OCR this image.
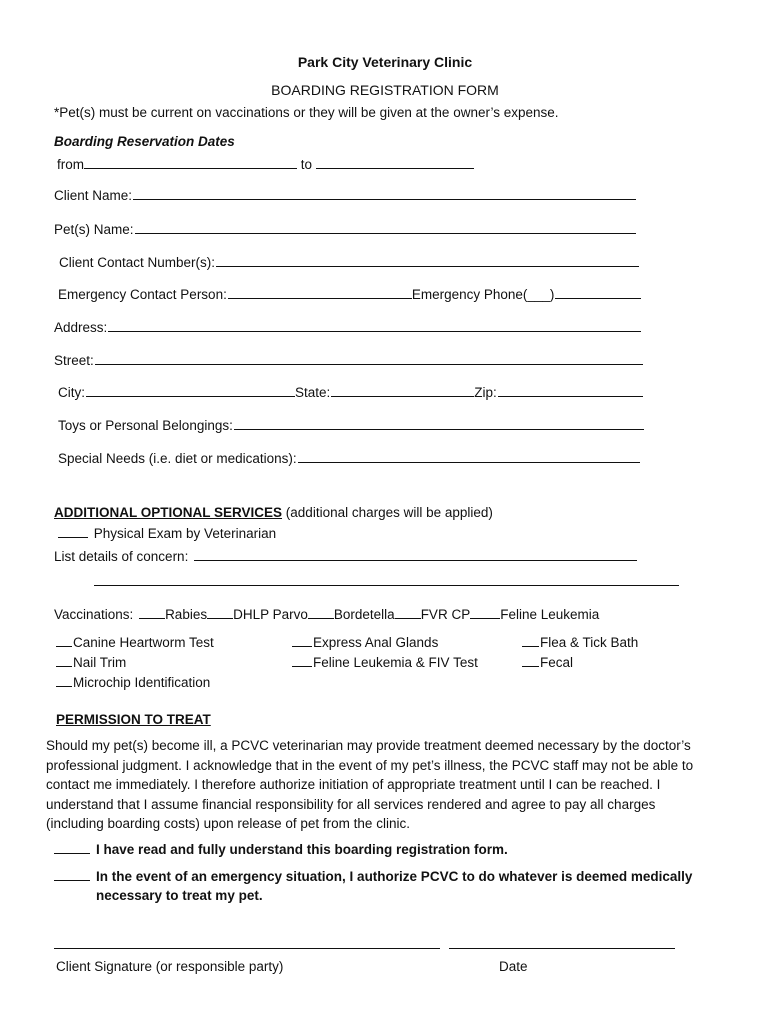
Park City Veterinary Clinic
BOARDING REGISTRATION FORM
*Pet(s) must be current on vaccinations or they will be given at the owner’s expense.
Boarding Reservation Dates
from	to
Client Name:
Pet(s) Name:
Client Contact Number(s):
Emergency Contact Person:	Emergency Phone(___)
Address:
Street:
City:	State:	Zip:
Toys or Personal Belongings:
Special Needs (i.e. diet or medications):
ADDITIONAL OPTIONAL SERVICES (additional charges will be applied)
Physical Exam by Veterinarian
List details of concern:
Vaccinations: Rabies DHLP Parvo Bordetella FVR CP Feline Leukemia
Canine Heartworm Test
Nail Trim
Microchip Identification
Express Anal Glands
Feline Leukemia & FIV Test
Flea & Tick Bath
Fecal
PERMISSION TO TREAT
Should my pet(s) become ill, a PCVC veterinarian may provide treatment deemed necessary by the doctor’s
professional judgment. I acknowledge that in the event of my pet’s illness, the PCVC staff may not be able to
contact me immediately. I therefore authorize initiation of appropriate treatment until I can be reached. I
understand that I assume financial responsibility for all services rendered and agree to pay all charges
(including boarding costs) upon release of pet from the clinic.
I have read and fully understand this boarding registration form.
In the event of an emergency situation, I authorize PCVC to do whatever is deemed medically
necessary to treat my pet.
Client Signature (or responsible party)	Date
